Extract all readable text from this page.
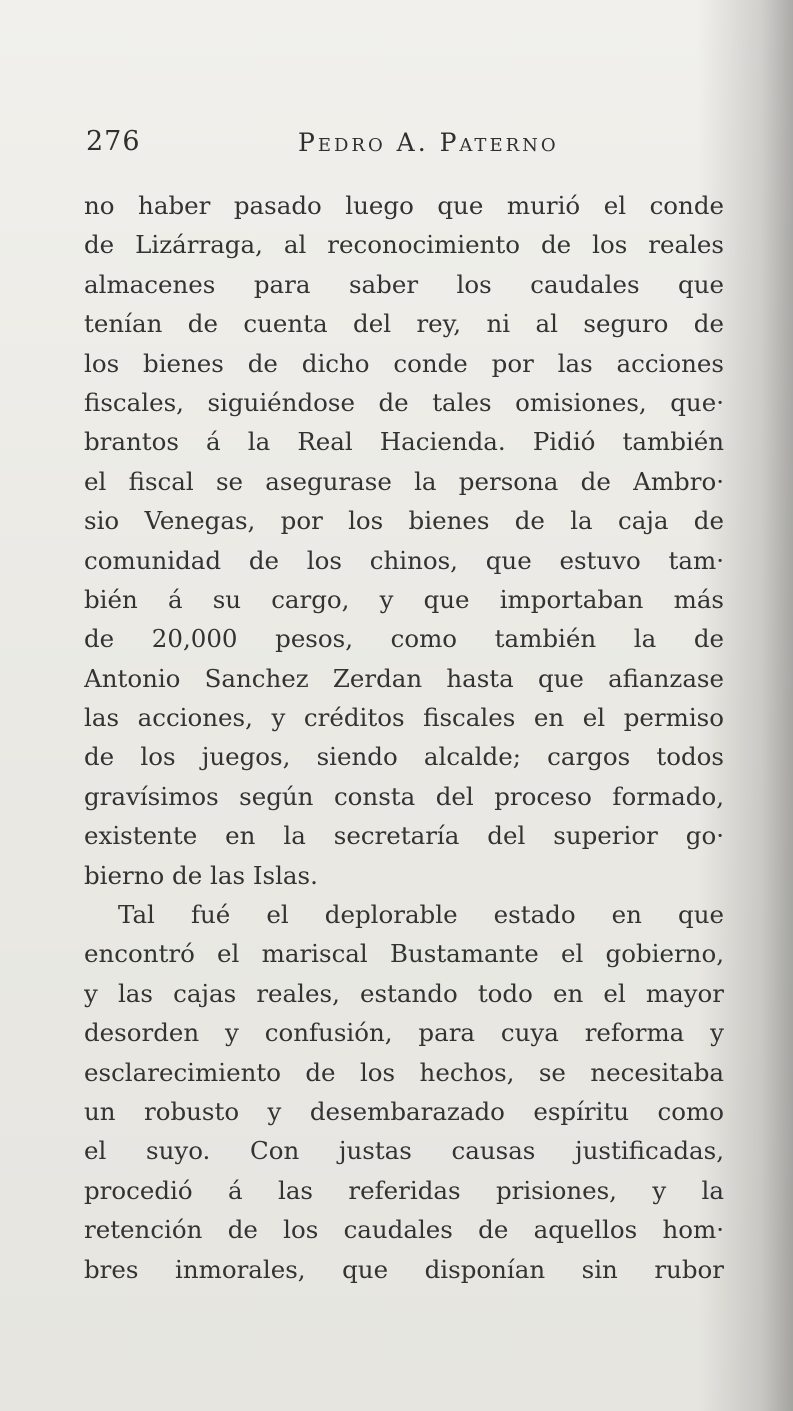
276	Pedro A. Paterno
no haber pasado luego que murió el conde
de Lizárraga, al reconocimiento de los reales
almacenes para saber los caudales que
tenían de cuenta del rey, ni al seguro de
los bienes de dicho conde por las acciones
fiscales, siguiéndose de tales omisiones, que·
brantos á la Real Hacienda. Pidió también
el fiscal se asegurase la persona de Ambro·
sio Venegas, por los bienes de la caja de
comunidad de los chinos, que estuvo tam·
bién á su cargo, y que importaban más
de 20,000 pesos, como también la de
Antonio Sanchez Zerdan hasta que afianzase
las acciones, y créditos fiscales en el permiso
de los juegos, siendo alcalde; cargos todos
gravísimos según consta del proceso formado,
existente en la secretaría del superior go·
bierno de las Islas.
Tal fué el deplorable estado en que
encontró el mariscal Bustamante el gobierno,
y las cajas reales, estando todo en el mayor
desorden y confusión, para cuya reforma y
esclarecimiento de los hechos, se necesitaba
un robusto y desembarazado espíritu como
el suyo. Con justas causas justificadas,
procedió á las referidas prisiones, y la
retención de los caudales de aquellos hom·
bres inmorales, que disponían sin rubor
